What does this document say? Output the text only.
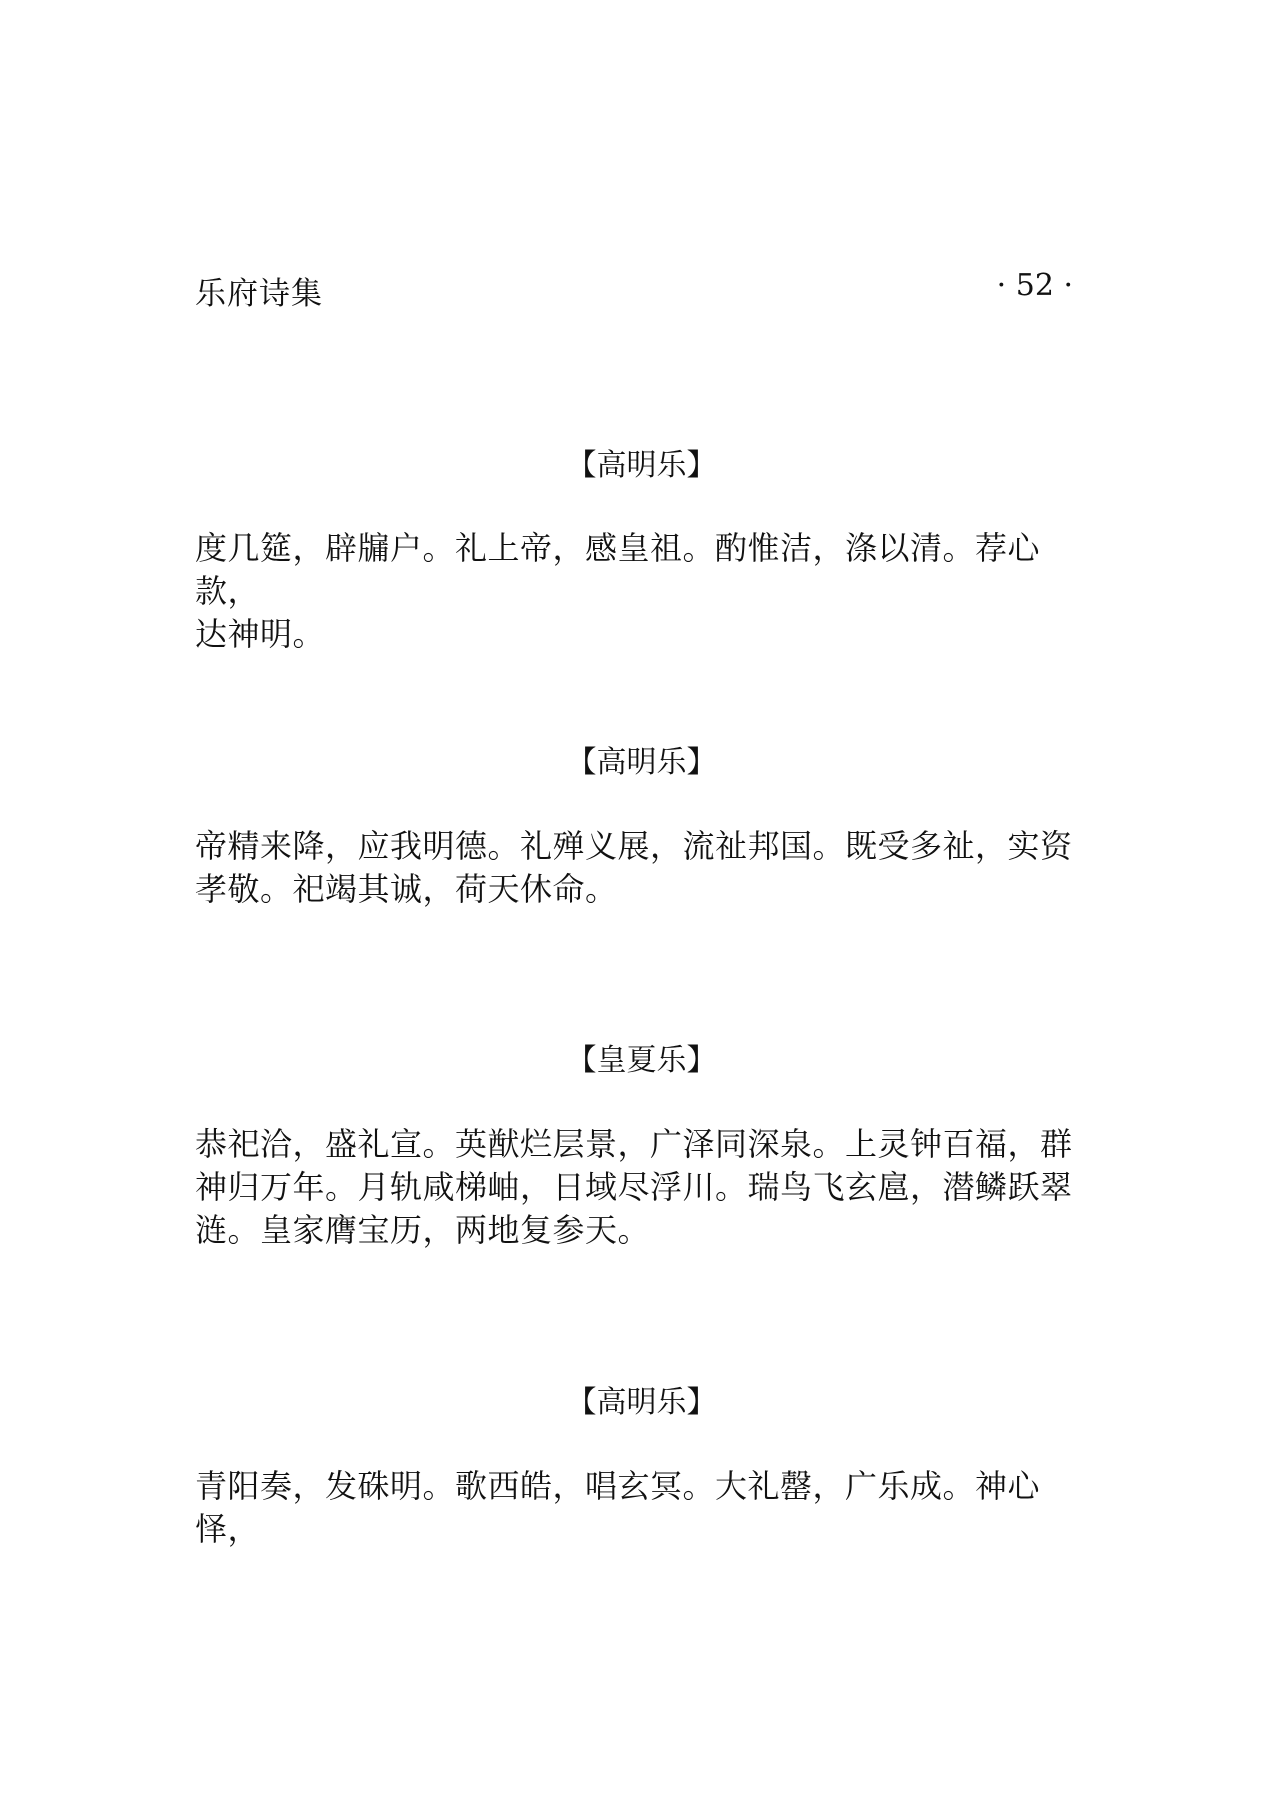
乐府诗集	· 52 ·
【高明乐】
度几筵，辟牖户。礼上帝，感皇祖。酌惟洁，涤以清。荐心款，
达神明。
【高明乐】
帝精来降，应我明德。礼殚义展，流祉邦国。既受多祉，实资
孝敬。祀竭其诚，荷天休命。
【皇夏乐】
恭祀洽，盛礼宣。英猷烂层景，广泽同深泉。上灵钟百福，群
神归万年。月轨咸梯岫，日域尽浮川。瑞鸟飞玄扈，潜鳞跃翠
涟。皇家膺宝历，两地复参天。
【高明乐】
青阳奏，发硃明。歌西皓，唱玄冥。大礼罄，广乐成。神心怿，
